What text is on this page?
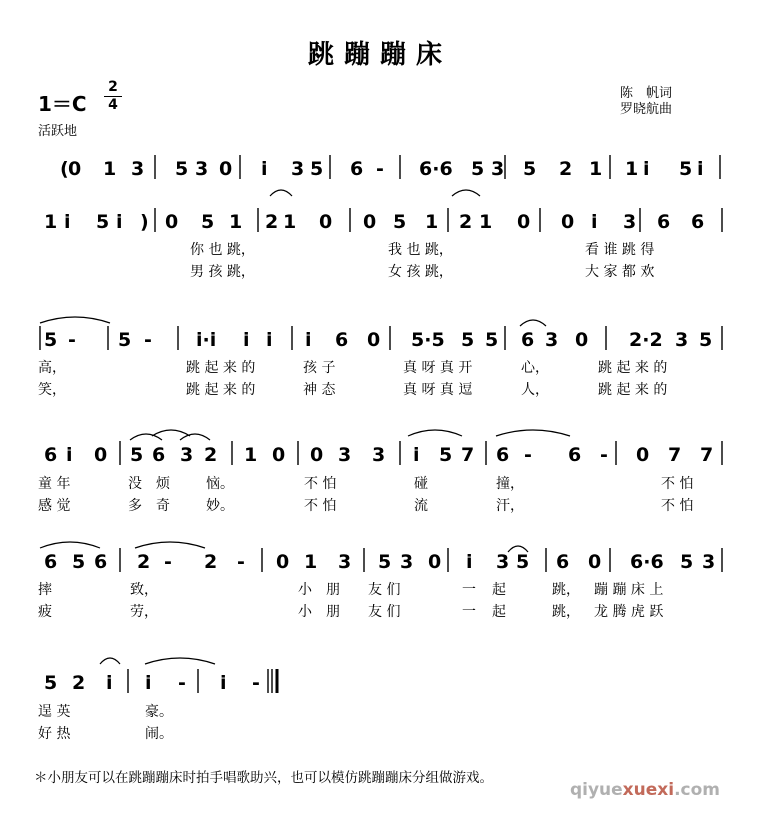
跳蹦蹦床
1＝C
2
4
活跃地
陈　帆词
罗晓航曲
( 0 1 3 5 3 0 i 3 5 6 - 6·6 5 3 5 2 1 1 i 5 i
1 i 5 i ) 0 5 1 2 1 0 0 5 1 2 1 0 0 i 3 6 6
5 - 5 - i·i i i i 6 0 5·5 5 5 6 3 0 2·2 3 5
6 i 0 5 6 3 2 1 0 0 3 3 i 5 7 6 - 6 - 0 7 7
6 5 6 2 - 2 - 0 1 3 5 3 0 i 3 5 6 0 6·6 5 3
5 2 i i - i -
你 也 跳，	我 也 跳，	看 谁 跳 得
男 孩 跳，	女 孩 跳，	大 家 都 欢
高，	跳 起 来 的	孩 子	真 呀 真 开	心，	跳 起 来 的
笑，	跳 起 来 的	神 态	真 呀 真 逗	人，	跳 起 来 的
童 年	没　烦	恼。	不 怕	碰	撞，	不 怕
感 觉	多　奇	妙。	不 怕	流	汗，	不 怕
摔	致，	小　朋 友 们	一 起	跳， 蹦 蹦 床 上
疲	劳，	小　朋 友 们	一 起	跳， 龙 腾 虎 跃
逞 英	豪。
好 热	闹。
＊小朋友可以在跳蹦蹦床时拍手唱歌助兴，也可以模仿跳蹦蹦床分组做游戏。
qiyuexuexi.com
